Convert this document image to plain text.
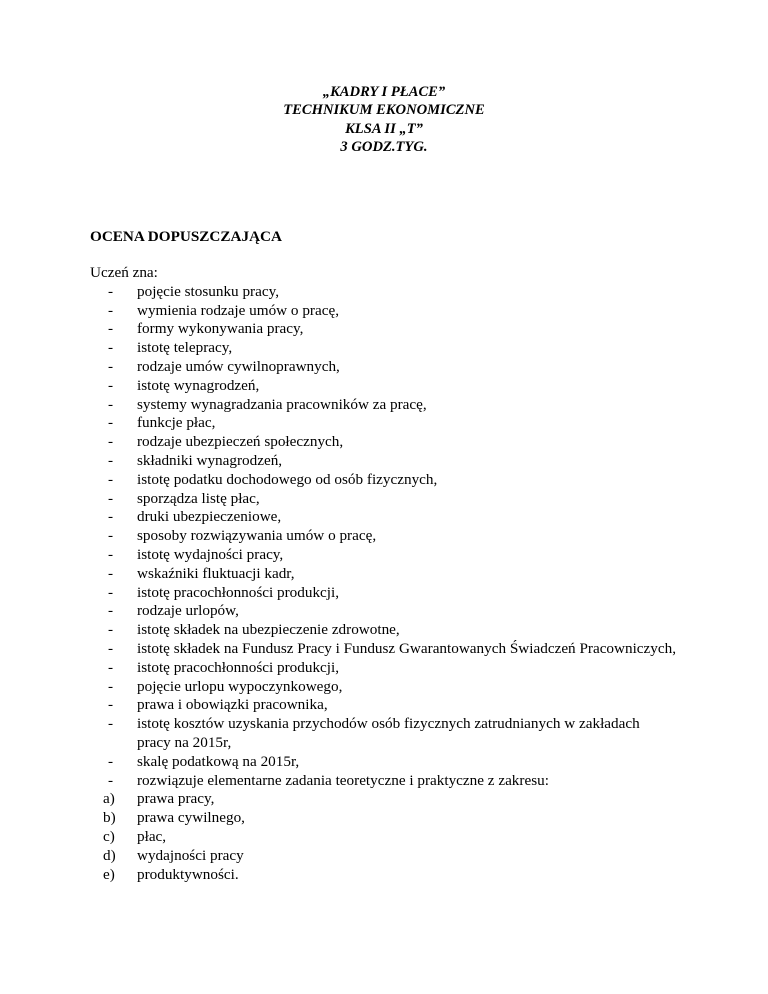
„KADRY I PŁACE”
TECHNIKUM EKONOMICZNE
KLSA II „T”
3 GODZ.TYG.
OCENA DOPUSZCZAJĄCA
Uczeń zna:
-	pojęcie stosunku pracy,
-	wymienia rodzaje umów o pracę,
-	formy wykonywania pracy,
-	istotę telepracy,
-	rodzaje umów cywilnoprawnych,
-	istotę wynagrodzeń,
-	systemy wynagradzania pracowników za pracę,
-	funkcje płac,
-	rodzaje ubezpieczeń społecznych,
-	składniki wynagrodzeń,
-	istotę podatku dochodowego od osób fizycznych,
-	sporządza listę płac,
-	druki ubezpieczeniowe,
-	sposoby rozwiązywania umów o pracę,
-	istotę wydajności pracy,
-	wskaźniki fluktuacji kadr,
-	istotę pracochłonności produkcji,
-	rodzaje urlopów,
-	istotę składek na ubezpieczenie zdrowotne,
-	istotę składek na Fundusz Pracy i Fundusz Gwarantowanych Świadczeń Pracowniczych,
-	istotę pracochłonności produkcji,
-	pojęcie urlopu wypoczynkowego,
-	prawa i obowiązki pracownika,
-	istotę kosztów uzyskania przychodów osób fizycznych zatrudnianych w zakładach pracy na 2015r,
-	skalę podatkową na 2015r,
-	rozwiązuje elementarne zadania teoretyczne i praktyczne z zakresu:
a)	prawa pracy,
b)	prawa cywilnego,
c)	płac,
d)	wydajności pracy
e)	produktywności.
